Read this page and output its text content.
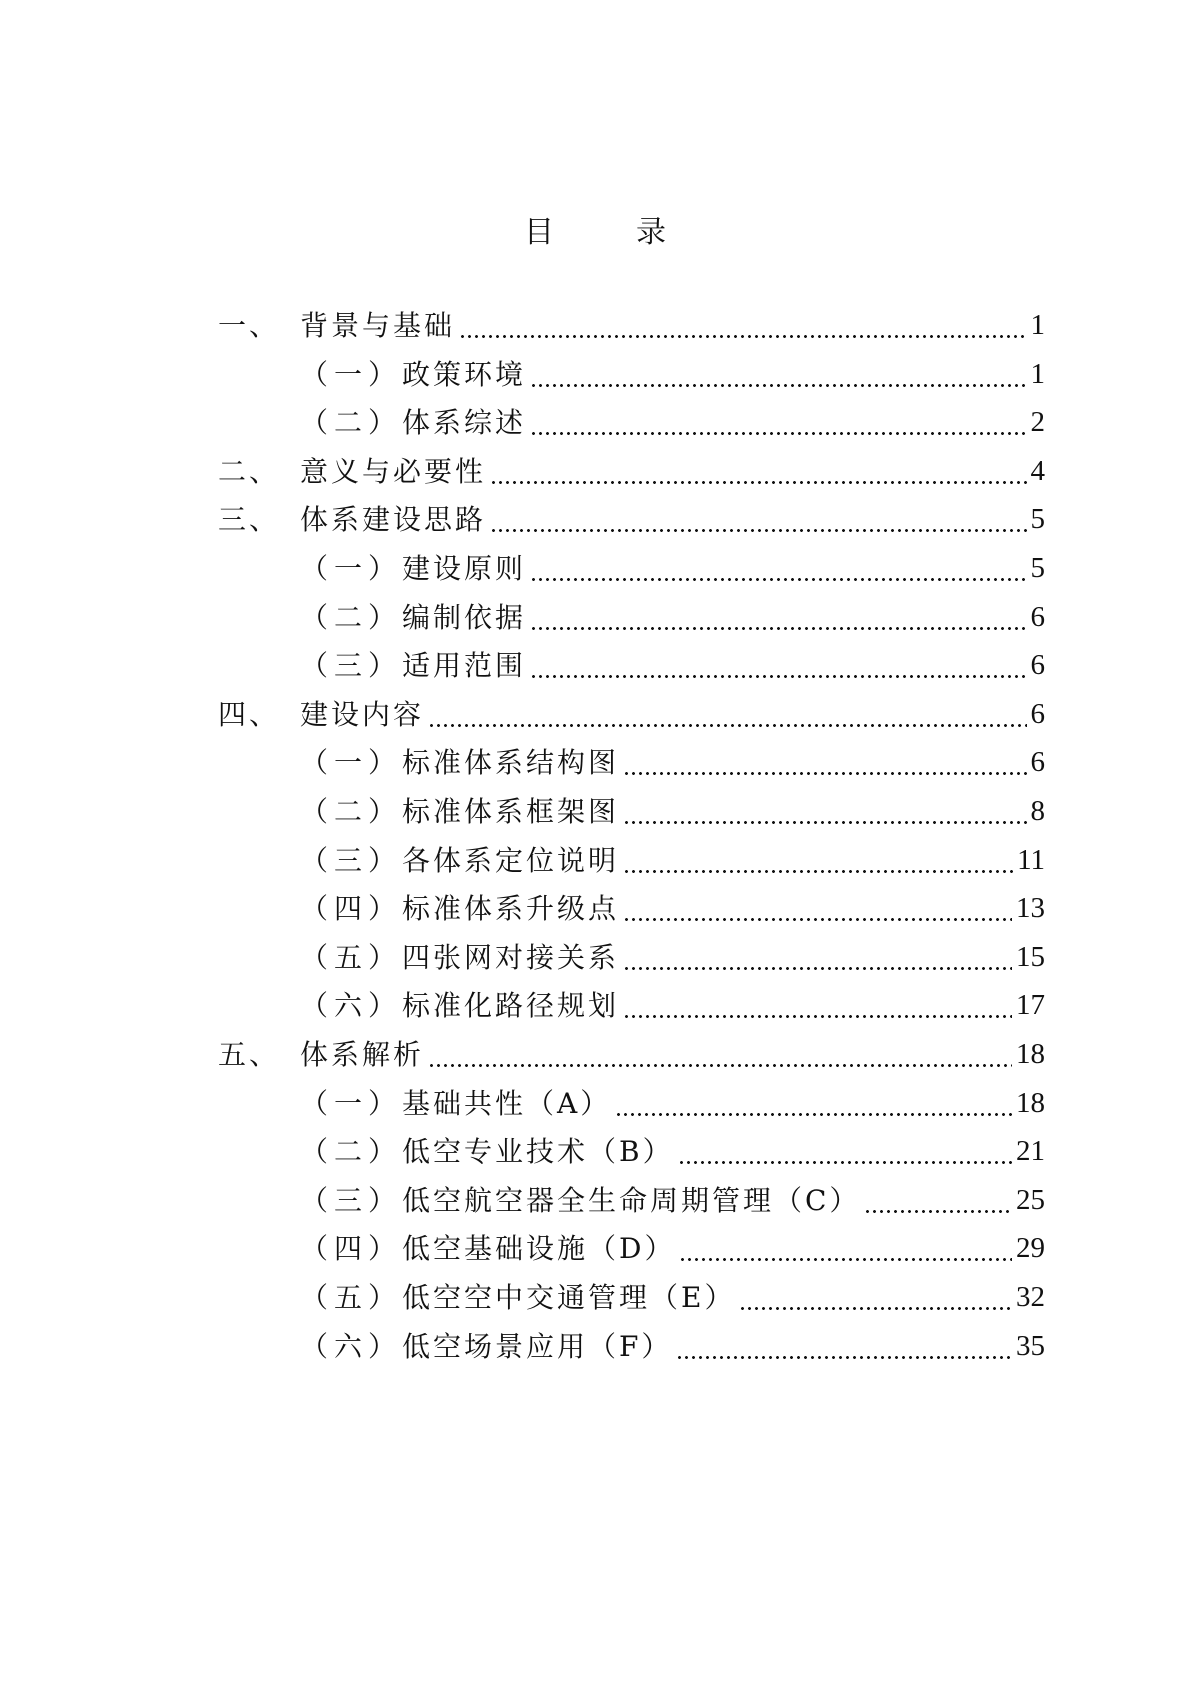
目　录
一、 背景与基础	1
（一） 政策环境	1
（二） 体系综述	2
二、 意义与必要性	4
三、 体系建设思路	5
（一） 建设原则	5
（二） 编制依据	6
（三） 适用范围	6
四、 建设内容	6
（一） 标准体系结构图	6
（二） 标准体系框架图	8
（三） 各体系定位说明	11
（四） 标准体系升级点	13
（五） 四张网对接关系	15
（六） 标准化路径规划	17
五、 体系解析	18
（一） 基础共性（A）	18
（二） 低空专业技术（B）	21
（三） 低空航空器全生命周期管理（C）	25
（四） 低空基础设施（D）	29
（五） 低空空中交通管理（E）	32
（六） 低空场景应用（F）	35
